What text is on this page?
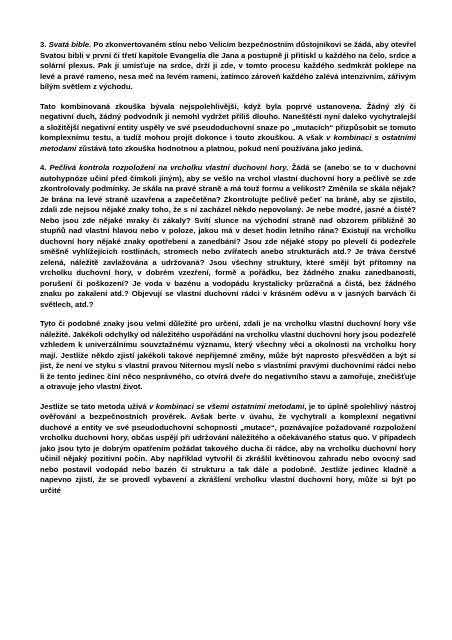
3. Svatá bible. Po zkonvertovaném stínu nebo Velicím bezpečnostním důstojníkovi se žádá, aby otevřel Svatou bibli v první či třetí kapitole Evangelia dle Jana a postupně ji přitiskl u každého na čelo, srdce a solární plexus. Pak ji umísťuje na srdce, drží ji zde, v tomto procesu každého sedmkrát poklepe na levé a pravé rameno, nesa meč na levém rameni, zatímco zároveň každého zalévá intenzivním, zářivým bílým světlem z východu.

Tato kombinovaná zkouška bývala nejspolehlivější, když byla poprvé ustanovena. Žádný zlý či negativní duch, žádný podvodník ji nemohl vydržet příliš dlouho. Naneštěstí nyní daleko vychytralejší a složitější negativní entity uspěly ve své pseudoduchovní snaze po „mutacích“ přizpůsobit se tomuto komplexnímu testu, a tudíž mohou projít dokonce i touto zkouškou. A však v kombinaci s ostatními metodami zůstává tato zkouška hodnotnou a platnou, pokud není používána jako jediná.

4. Pečlivá kontrola rozpoložení na vrcholku vlastní duchovní hory. Žádá se (anebo se to v duchovní autohypnóze učiní před čímkoli jiným), aby se vešlo na vrchol vlastní duchovní hory a pečlivě se zde zkontrolovaly podmínky. Je skála na pravé straně a má touž formu a velikost? Změnila se skála nějak? Je brána na levé straně uzavřena a zapečetěna? Zkontrolujte pečlivě pečeť na bráně, aby se zjistilo, zdali zde nejsou nějaké znaky toho, že s ní zacházel někdo nepovolaný. Je nebe modré, jasné a čisté? Nebo jsou zde nějaké mraky či zákaly? Svítí slunce na východní straně nad obzorem přibližně 30 stupňů nad vlastní hlavou nebo v poloze, jakou má v deset hodin letního rána? Existují na vrcholku duchovní hory nějaké znaky opotřebení a zanedbání? Jsou zde nějaké stopy po plevelí či podezřele směšně vyhlížejících rostlinách, stromech nebo zvířatech anebo strukturách atd.? Je tráva čerstvě zelená, náležitě zavlažována a udržovaná? Jsou všechny struktury, které smějí být přítomny na vrcholku duchovní hory, v dobrém vzezření, formě a pořádku, bez žádného znaku zanedbanosti, porušení či poškození? Je voda v bazénu a vodopádu krystalicky průzračná a čistá, bez žádného znaku po zakalení atd.? Objevují se vlastní duchovní rádci v krásném oděvu a v jasných barvách či světlech, atd.?

Tyto či podobné znaky jsou velmi důležité pro určení, zdali je na vrcholku vlastní duchovní hory vše náležité. Jakékoli odchylky od náležitého uspořádání na vrcholku vlastní duchovní hory jsou podezřelé vzhledem k univerzálnímu souvztažnému významu, který všechny věci a okolnosti na vrcholku hory mají. Jestliže někdo zjistí jakékoli takové nepřijemné změny, může být naprosto přesvědčen a být si jist, že není ve styku s vlastní pravou Niternou myslí nebo s vlastními pravými duchovními rádci nebo li že tento jedinec činí něco nesprávného, co otvírá dveře do negativního stavu a zamořuje, znečišťuje a otravuje jeho vlastní život.

Jestliže se tato metoda užívá v kombinaci se všemi ostatními metodami, je to úplně spolehlivý nástroj ověřování a bezpečnostních prověrek. Avšak berte v úvahu, že vychytralí a komplexní negativní duchové a entity ve své pseudoduchovní schopnosti „mutace“, poznávajíce požadované rozpoložení vrcholku duchovní hory, občas uspějí při udržování náležitého a očekávaného status quo. V případech jako jsou tyto je dobrým opatřením požádat takového ducha či rádce, aby na vrcholku duchovní hory učinil nějaký pozitivní počin. Aby například vytvořil či zkrášlil květinovou zahradu nebo ovocný sad nebo postavil vodopád nebo bazén či strukturu a tak dále a podobně. Jestliže jedinec kladně a napevno zjistí, že se provedl vybavení a zkrášlení vrcholku vlastní duchovní hory, může si být po určité
